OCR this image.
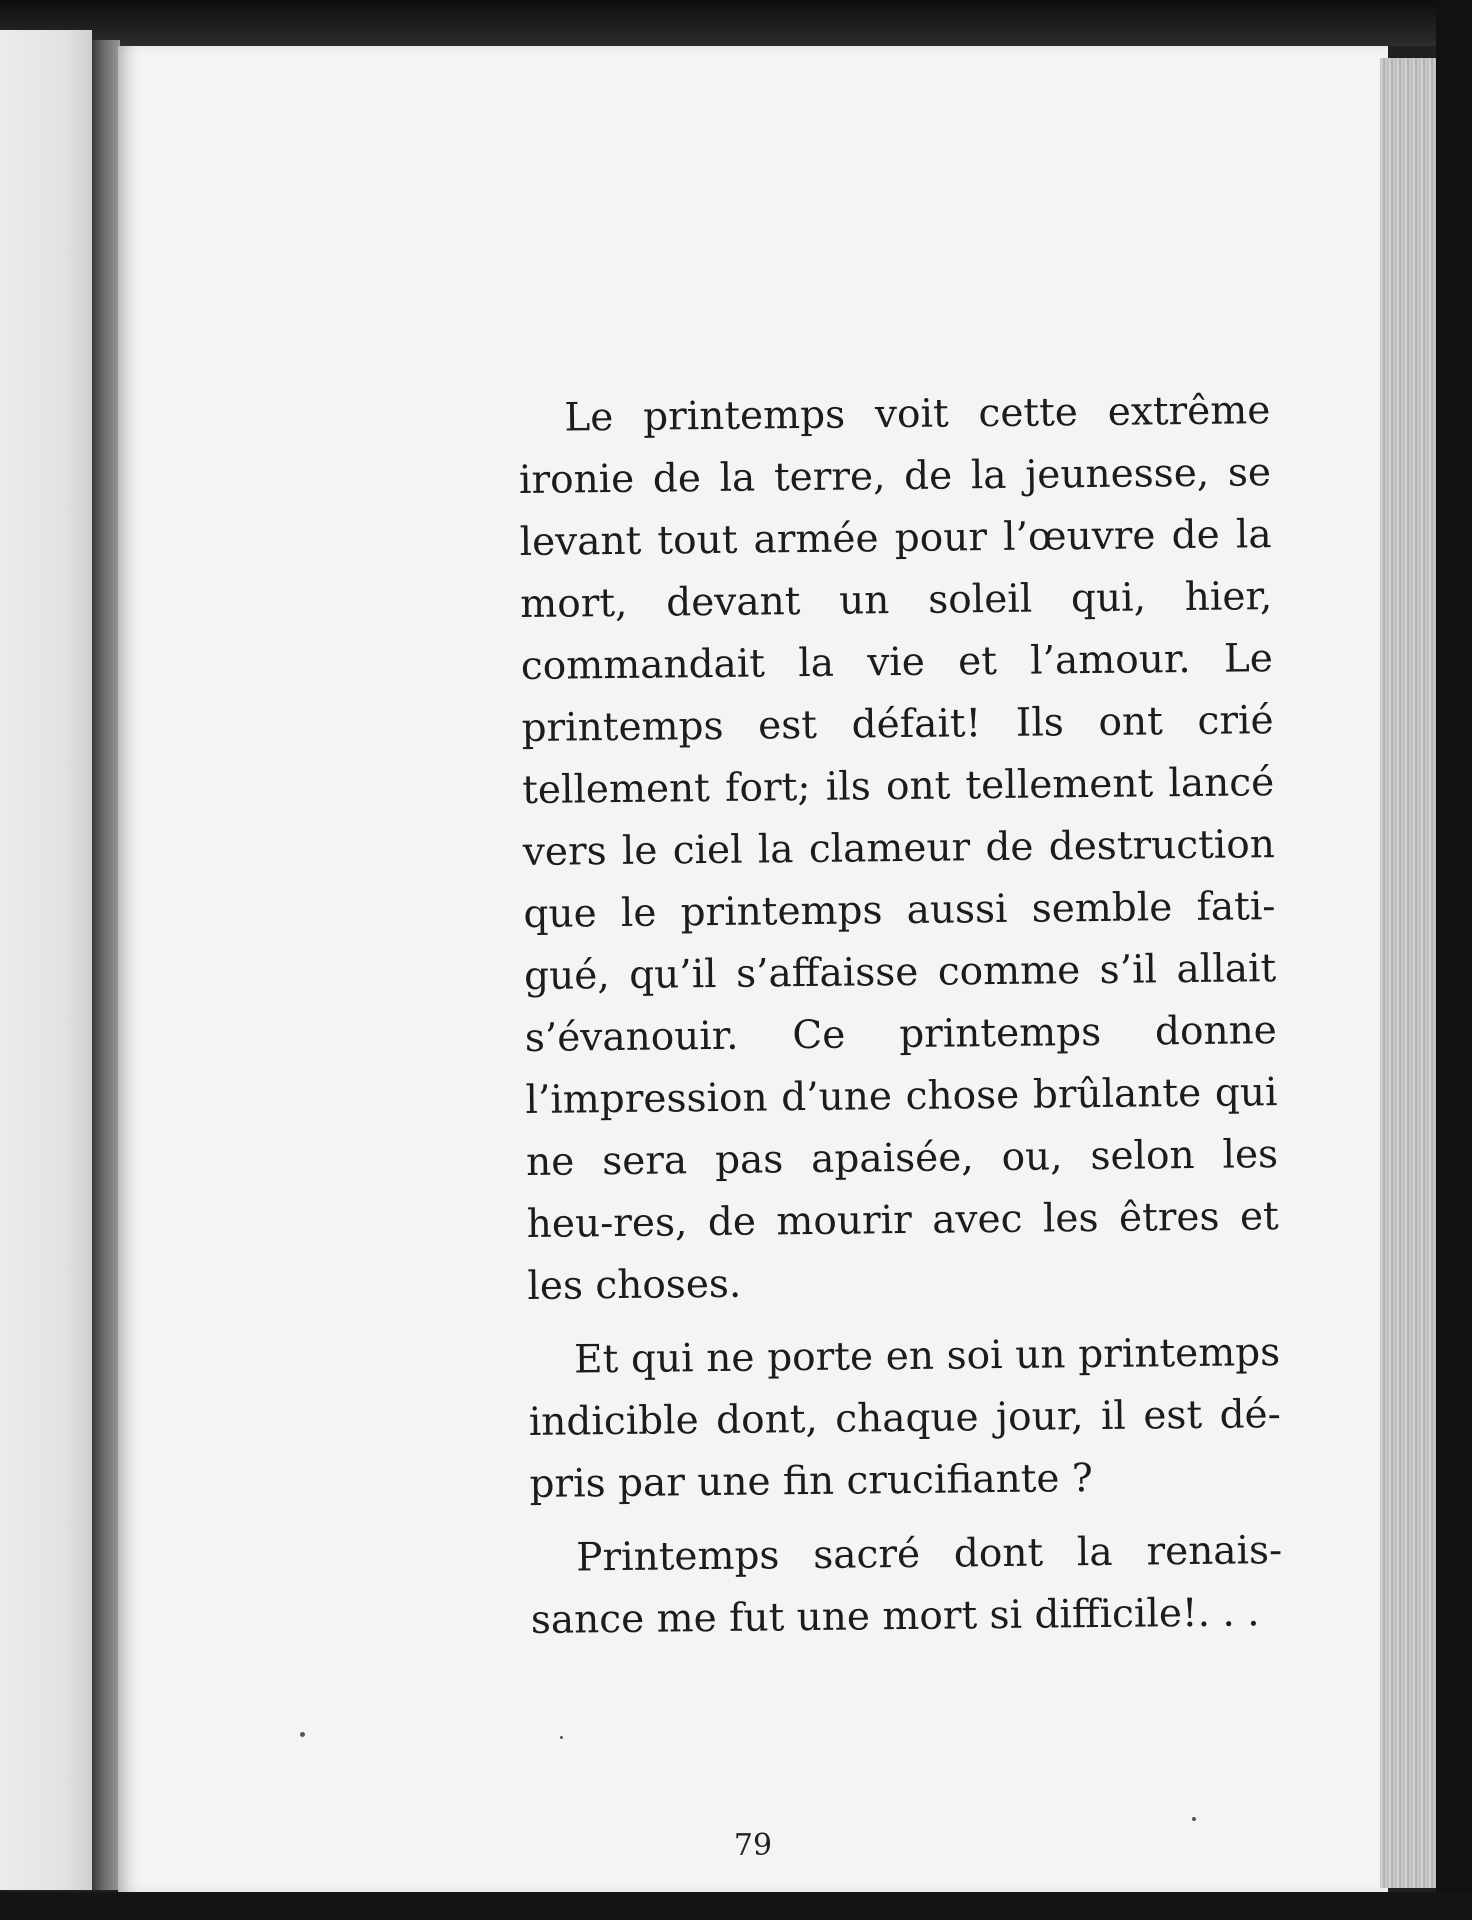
Le printemps voit cette extrême ironie de la terre, de la jeunesse, se levant tout armée pour l’œuvre de la mort, devant un soleil qui, hier, commandait la vie et l’amour. Le printemps est défait! Ils ont crié tellement fort; ils ont tellement lancé vers le ciel la clameur de destruction que le printemps aussi semble fati-gué, qu’il s’affaisse comme s’il allait s’évanouir. Ce printemps donne l’impression d’une chose brûlante qui ne sera pas apaisée, ou, selon les heu-res, de mourir avec les êtres et les choses.

Et qui ne porte en soi un printemps indicible dont, chaque jour, il est dé-pris par une fin crucifiante ?

Printemps sacré dont la renais-sance me fut une mort si difficile!. . .

79
